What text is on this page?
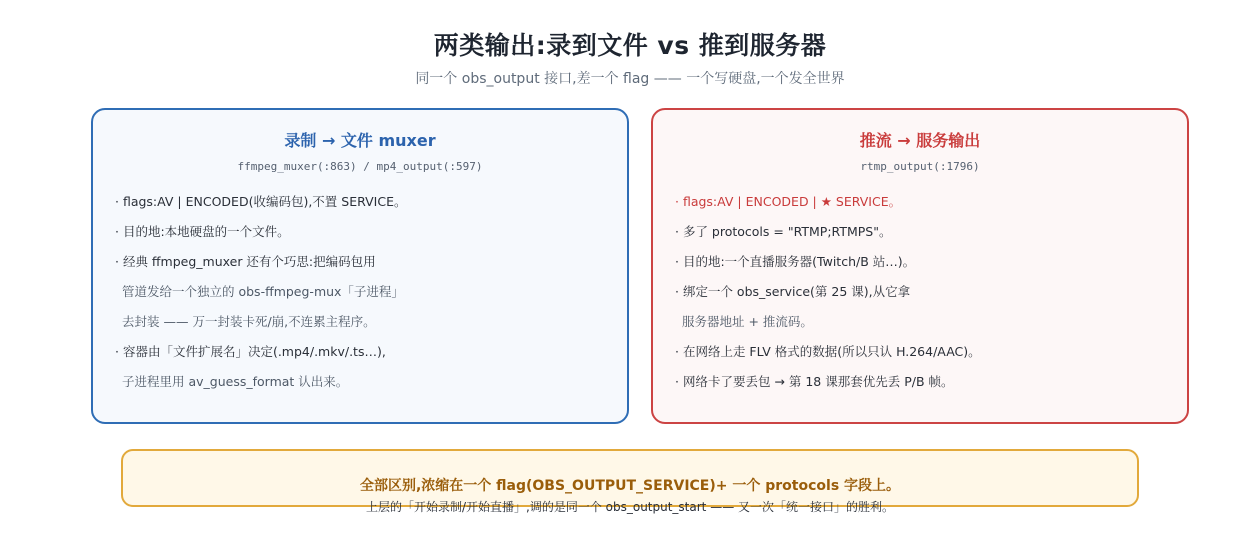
两类输出:录到文件 vs 推到服务器
同一个 obs_output 接口,差一个 flag —— 一个写硬盘,一个发全世界
录制 → 文件 muxer
ffmpeg_muxer(:863) / mp4_output(:597)
· flags:AV | ENCODED(收编码包),不置 SERVICE。
· 目的地:本地硬盘的一个文件。
· 经典 ffmpeg_muxer 还有个巧思:把编码包用
管道发给一个独立的 obs-ffmpeg-mux「子进程」
去封装 —— 万一封装卡死/崩,不连累主程序。
· 容器由「文件扩展名」决定(.mp4/.mkv/.ts…),
子进程里用 av_guess_format 认出来。
推流 → 服务输出
rtmp_output(:1796)
· flags:AV | ENCODED | ★ SERVICE。
· 多了 protocols = "RTMP;RTMPS"。
· 目的地:一个直播服务器(Twitch/B 站…)。
· 绑定一个 obs_service(第 25 课),从它拿
服务器地址 + 推流码。
· 在网络上走 FLV 格式的数据(所以只认 H.264/AAC)。
· 网络卡了要丢包 → 第 18 课那套优先丢 P/B 帧。
全部区别,浓缩在一个 flag(OBS_OUTPUT_SERVICE)+ 一个 protocols 字段上。
上层的「开始录制/开始直播」,调的是同一个 obs_output_start —— 又一次「统一接口」的胜利。
